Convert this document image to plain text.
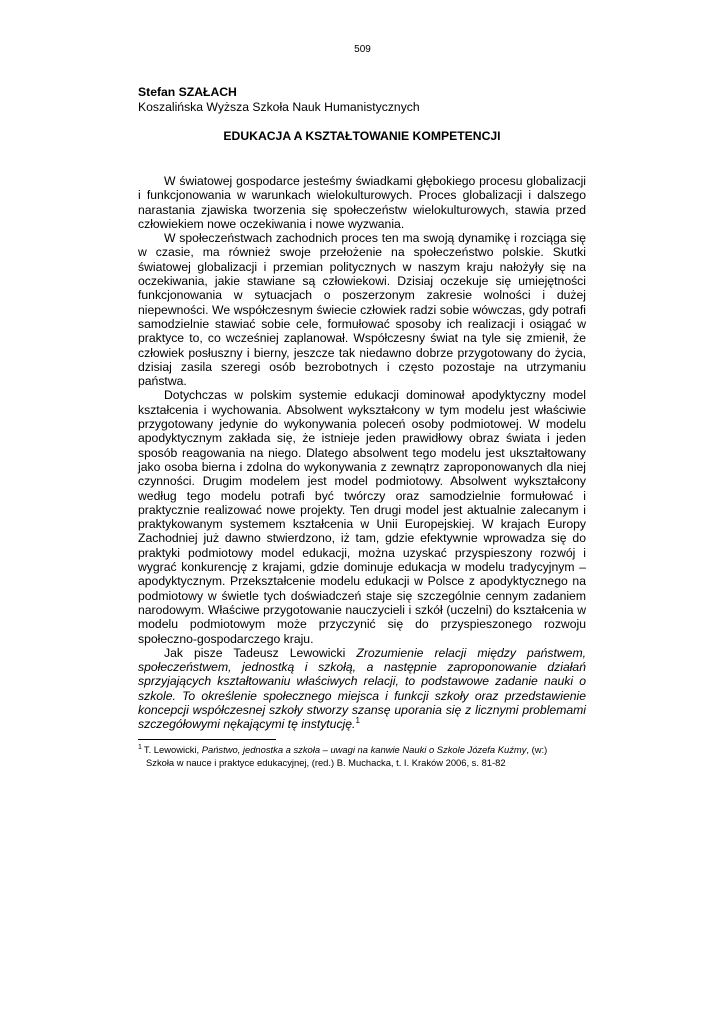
509
Stefan SZAŁACH
Koszalińska Wyższa Szkoła Nauk Humanistycznych
EDUKACJA A KSZTAŁTOWANIE KOMPETENCJI

W światowej gospodarce jesteśmy świadkami głębokiego procesu globalizacji i funkcjonowania w warunkach wielokulturowych. Proces globalizacji i dalszego narastania zjawiska tworzenia się społeczeństw wielokulturowych, stawia przed człowiekiem nowe oczekiwania i nowe wyzwania.

W społeczeństwach zachodnich proces ten ma swoją dynamikę i rozciąga się w czasie, ma również swoje przełożenie na społeczeństwo polskie. Skutki światowej globalizacji i przemian politycznych w naszym kraju nałożyły się na oczekiwania, jakie stawiane są człowiekowi. Dzisiaj oczekuje się umiejętności funkcjonowania w sytuacjach o poszerzonym zakresie wolności i dużej niepewności. We współczesnym świecie człowiek radzi sobie wówczas, gdy potrafi samodzielnie stawiać sobie cele, formułować sposoby ich realizacji i osiągać w praktyce to, co wcześniej zaplanował. Współczesny świat na tyle się zmienił, że człowiek posłuszny i bierny, jeszcze tak niedawno dobrze przygotowany do życia, dzisiaj zasila szeregi osób bezrobotnych i często pozostaje na utrzymaniu państwa.

Dotychczas w polskim systemie edukacji dominował apodyktyczny model kształcenia i wychowania. Absolwent wykształcony w tym modelu jest właściwie przygotowany jedynie do wykonywania poleceń osoby podmiotowej. W modelu apodyktycznym zakłada się, że istnieje jeden prawidłowy obraz świata i jeden sposób reagowania na niego. Dlatego absolwent tego modelu jest ukształtowany jako osoba bierna i zdolna do wykonywania z zewnątrz zaproponowanych dla niej czynności. Drugim modelem jest model podmiotowy. Absolwent wykształcony według tego modelu potrafi być twórczy oraz samodzielnie formułować i praktycznie realizować nowe projekty. Ten drugi model jest aktualnie zalecanym i praktykowanym systemem kształcenia w Unii Europejskiej. W krajach Europy Zachodniej już dawno stwierdzono, iż tam, gdzie efektywnie wprowadza się do praktyki podmiotowy model edukacji, można uzyskać przyspieszony rozwój i wygrać konkurencję z krajami, gdzie dominuje edukacja w modelu tradycyjnym – apodyktycznym. Przekształcenie modelu edukacji w Polsce z apodyktycznego na podmiotowy w świetle tych doświadczeń staje się szczególnie cennym zadaniem narodowym. Właściwe przygotowanie nauczycieli i szkół (uczelni) do kształcenia w modelu podmiotowym może przyczynić się do przyspieszonego rozwoju społeczno-gospodarczego kraju.

Jak pisze Tadeusz Lewowicki Zrozumienie relacji między państwem, społeczeństwem, jednostką i szkołą, a następnie zaproponowanie działań sprzyjających kształtowaniu właściwych relacji, to podstawowe zadanie nauki o szkole. To określenie społecznego miejsca i funkcji szkoły oraz przedstawienie koncepcji współczesnej szkoły stworzy szansę uporania się z licznymi problemami szczegółowymi nękającymi tę instytucję.$^1$

$^1$ T. Lewowicki, Państwo, jednostka a szkoła – uwagi na kanwie Nauki o Szkole Józefa Kuźmy, (w:)
Szkoła w nauce i praktyce edukacyjnej, (red.) B. Muchacka, t. I. Kraków 2006, s. 81-82
